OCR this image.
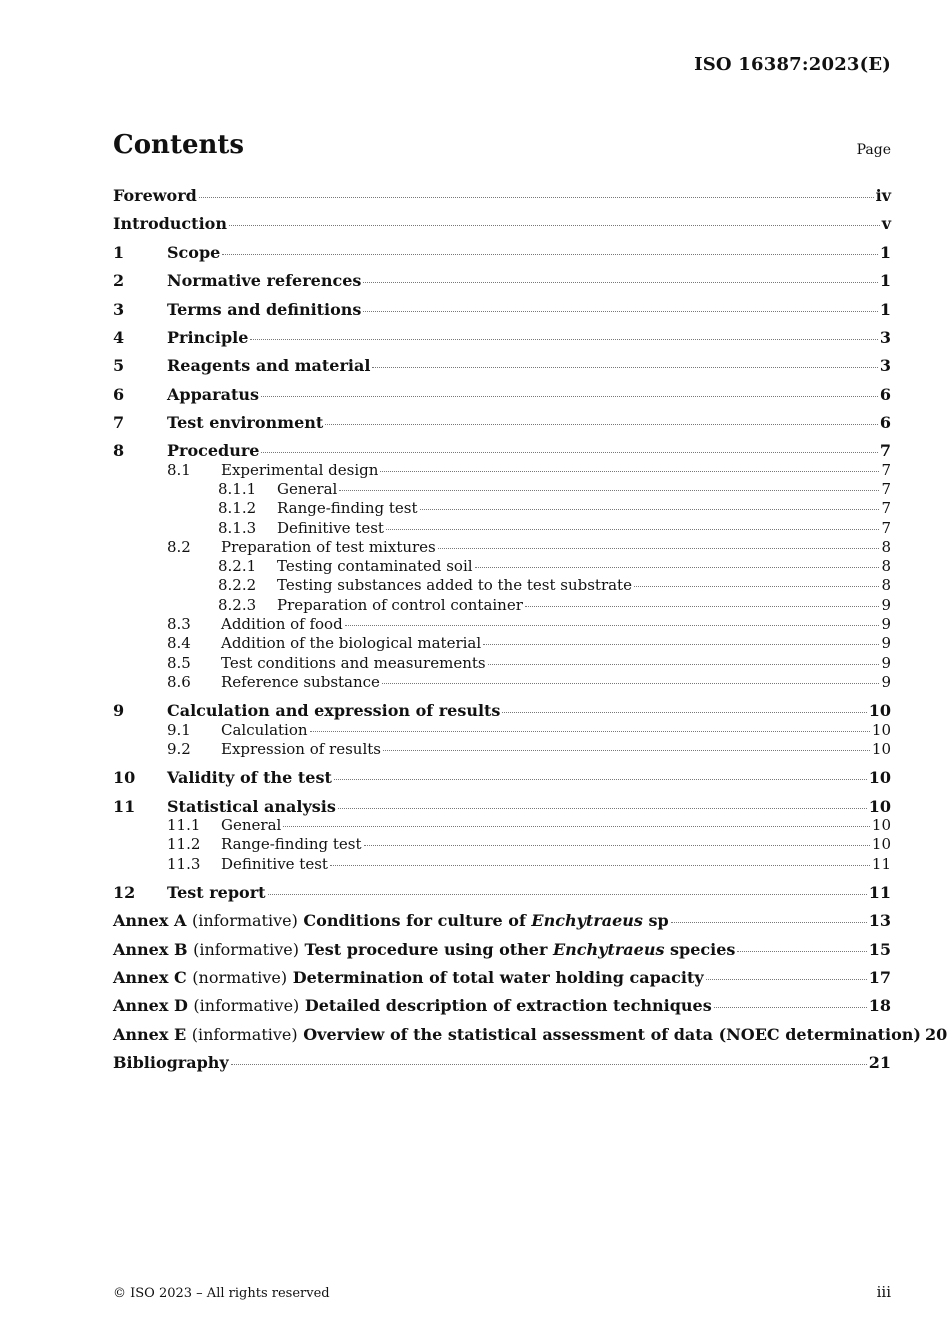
ISO 16387:2023(E)
Contents	Page
Foreword	iv
Introduction	v
1	Scope	1
2	Normative references	1
3	Terms and definitions	1
4	Principle	3
5	Reagents and material	3
6	Apparatus	6
7	Test environment	6
8	Procedure	7
8.1	Experimental design	7
8.1.1	General	7
8.1.2	Range-finding test	7
8.1.3	Definitive test	7
8.2	Preparation of test mixtures	8
8.2.1	Testing contaminated soil	8
8.2.2	Testing substances added to the test substrate	8
8.2.3	Preparation of control container	9
8.3	Addition of food	9
8.4	Addition of the biological material	9
8.5	Test conditions and measurements	9
8.6	Reference substance	9
9	Calculation and expression of results	10
9.1	Calculation	10
9.2	Expression of results	10
10	Validity of the test	10
11	Statistical analysis	10
11.1	General	10
11.2	Range-finding test	10
11.3	Definitive test	11
12	Test report	11
Annex A (informative) Conditions for culture of Enchytraeus sp	13
Annex B (informative) Test procedure using other Enchytraeus species	15
Annex C (normative) Determination of total water holding capacity	17
Annex D (informative) Detailed description of extraction techniques	18
Annex E (informative) Overview of the statistical assessment of data (NOEC determination) 20
Bibliography	21
© ISO 2023 – All rights reserved	iii
